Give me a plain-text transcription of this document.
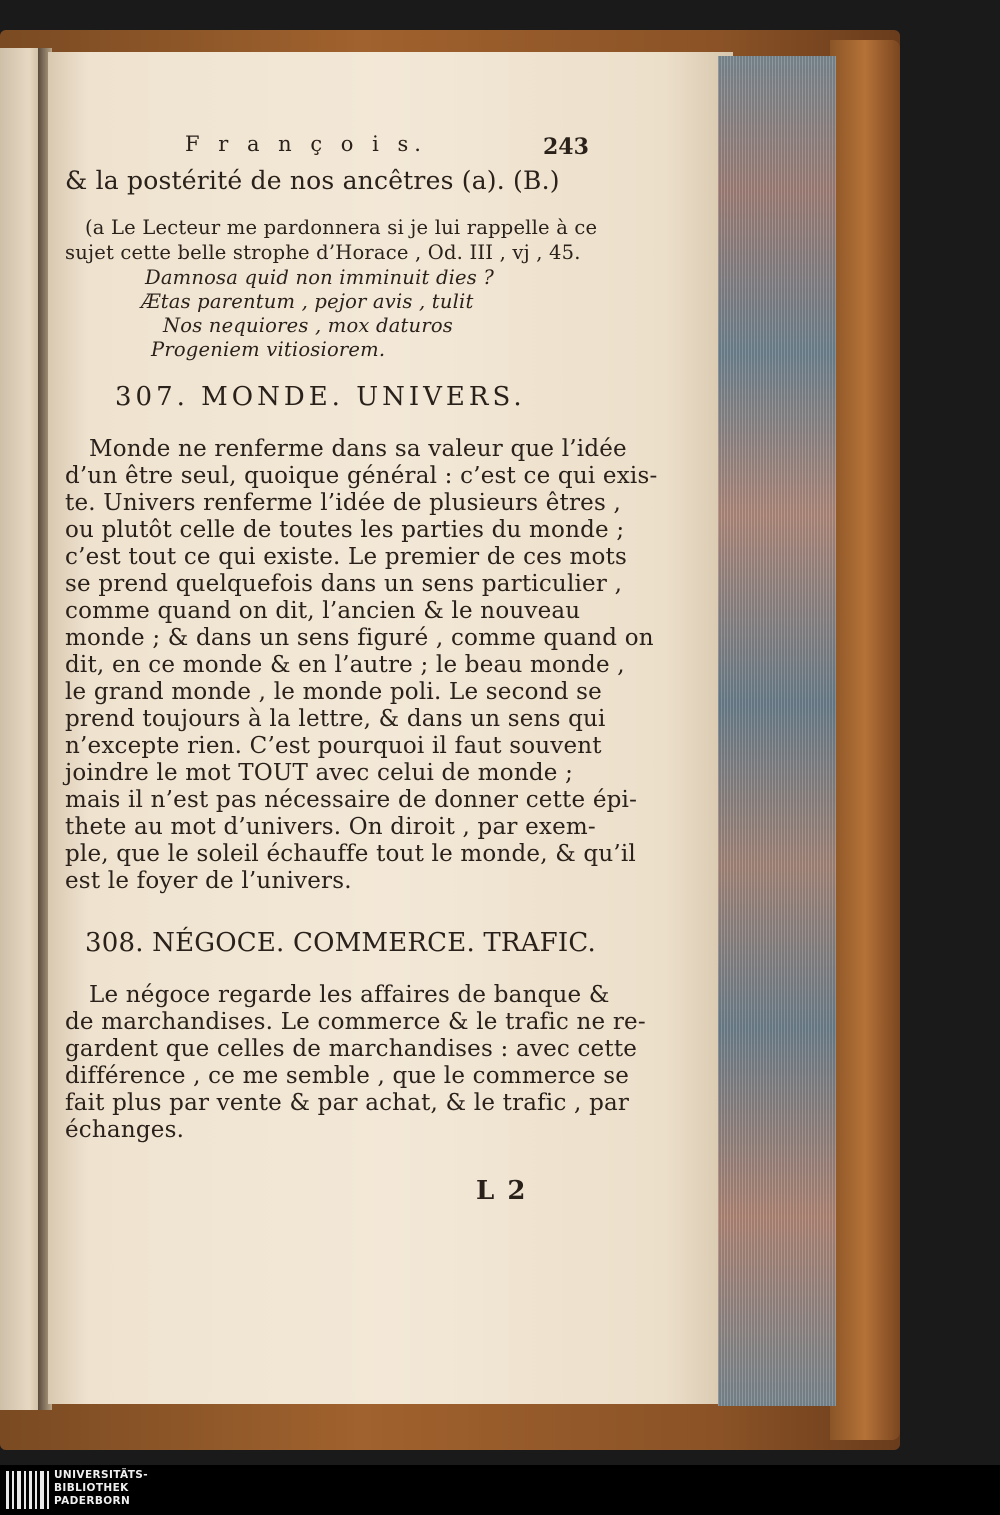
F r a n ç o i s.	243
& la postérité de nos ancêtres (a). (B.)
(a Le Lecteur me pardonnera si je lui rappelle à ce
sujet cette belle strophe d’Horace , Od. III , vj , 45.
Damnosa quid non imminuit dies ?
Ætas parentum , pejor avis , tulit
Nos nequiores , mox daturos
Progeniem vitiosiorem.
307. MONDE. UNIVERS.
Monde ne renferme dans sa valeur que l’idée
d’un être seul, quoique général : c’est ce qui exis-
te. Univers renferme l’idée de plusieurs êtres ,
ou plutôt celle de toutes les parties du monde ;
c’est tout ce qui existe. Le premier de ces mots
se prend quelquefois dans un sens particulier ,
comme quand on dit, l’ancien & le nouveau
monde ; & dans un sens figuré , comme quand on
dit, en ce monde & en l’autre ; le beau monde ,
le grand monde , le monde poli. Le second se
prend toujours à la lettre, & dans un sens qui
n’excepte rien. C’est pourquoi il faut souvent
joindre le mot TOUT avec celui de monde ;
mais il n’est pas nécessaire de donner cette épi-
thete au mot d’univers. On diroit , par exem-
ple, que le soleil échauffe tout le monde, & qu’il
est le foyer de l’univers.
308. NÉGOCE. COMMERCE. TRAFIC.
Le négoce regarde les affaires de banque &
de marchandises. Le commerce & le trafic ne re-
gardent que celles de marchandises : avec cette
différence , ce me semble , que le commerce se
fait plus par vente & par achat, & le trafic , par
échanges.
L 2
UNIVERSITÄTS-
BIBLIOTHEK
PADERBORN
